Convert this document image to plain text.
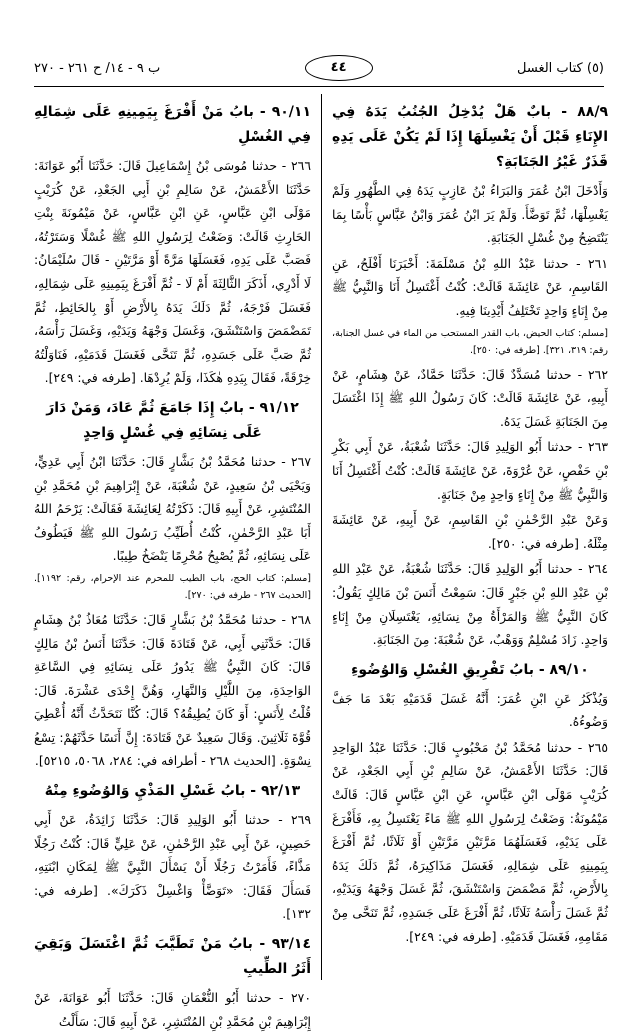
(٥) كتاب الغسل
٤٤
ب ٩ - ١٤/ ح ٢٦١ - ٢٧٠

٨٨/٩ - بابٌ هَلْ يُدْخِلُ الجُنُبُ يَدَهُ فِي الإِنَاءِ قَبْلَ أَنْ يَغْسِلَهَا إِذَا لَمْ يَكُنْ عَلَى يَدِهِ قَذَرٌ غَيْرُ الجَنَابَةِ؟

وَأَدْخَلَ ابْنُ عُمَرَ وَالبَرَاءُ بْنُ عَازِبٍ يَدَهُ فِي الطَّهُورِ وَلَمْ يَغْسِلْهَا، ثُمَّ تَوَضَّأَ. وَلَمْ يَرَ ابْنُ عُمَرَ وَابْنُ عَبَّاسٍ بَأْسًا بِمَا يَنْتَضِحُ مِنْ غُسْلِ الجَنَابَةِ.

٢٦١ - حدثنا عَبْدُ اللهِ بْنُ مَسْلَمَةَ: أَخْبَرَنَا أَفْلَحُ، عَنِ القَاسِمِ، عَنْ عَائِشَةَ قَالَتْ: كُنْتُ أَغْتَسِلُ أَنَا وَالنَّبِيُّ ﷺ مِنْ إِنَاءٍ وَاحِدٍ تَخْتَلِفُ أَيْدِينَا فِيهِ.

[مسلم: كتاب الحيض، باب القدر المستحب من الماء في غسل الجنابة، رقم: ٣١٩، ٣٢١]. [طرفه في: ٢٥٠].

٢٦٢ - حدثنا مُسَدَّدٌ قَالَ: حَدَّثَنَا حَمَّادٌ، عَنْ هِشَامٍ، عَنْ أَبِيهِ، عَنْ عَائِشَةَ قَالَتْ: كَانَ رَسُولُ اللهِ ﷺ إِذَا اغْتَسَلَ مِنَ الجَنَابَةِ غَسَلَ يَدَهُ.

٢٦٣ - حدثنا أَبُو الوَلِيدِ قَالَ: حَدَّثَنَا شُعْبَةُ، عَنْ أَبِي بَكْرِ بْنِ حَفْصٍ، عَنْ عُرْوَةَ، عَنْ عَائِشَةَ قَالَتْ: كُنْتُ أَغْتَسِلُ أَنَا وَالنَّبِيُّ ﷺ مِنْ إِنَاءٍ وَاحِدٍ مِنْ جَنَابَةٍ.

وَعَنْ عَبْدِ الرَّحْمٰنِ بْنِ القَاسِمِ، عَنْ أَبِيهِ، عَنْ عَائِشَةَ مِثْلَهُ. [طرفه في: ٢٥٠].

٢٦٤ - حدثنا أَبُو الوَلِيدِ قَالَ: حَدَّثَنَا شُعْبَةُ، عَنْ عَبْدِ اللهِ بْنِ عَبْدِ اللهِ بْنِ جَبْرٍ قَالَ: سَمِعْتُ أَنَسَ بْنَ مَالِكٍ يَقُولُ: كَانَ النَّبِيُّ ﷺ وَالمَرْأَةُ مِنْ نِسَائِهِ، يَغْتَسِلَانِ مِنْ إِنَاءٍ وَاحِدٍ. زَادَ مُسْلِمٌ وَوَهْبٌ، عَنْ شُعْبَةَ: مِنَ الجَنَابَةِ.

٨٩/١٠ - بابُ تَفْرِيقِ الغُسْلِ وَالوُضُوءِ

وَيُذْكَرُ عَنِ ابْنِ عُمَرَ: أَنَّهُ غَسَلَ قَدَمَيْهِ بَعْدَ مَا جَفَّ وَضُوءُهُ.

٢٦٥ - حدثنا مُحَمَّدُ بْنُ مَحْبُوبٍ قَالَ: حَدَّثَنَا عَبْدُ الوَاحِدِ قَالَ: حَدَّثَنَا الأَعْمَشُ، عَنْ سَالِمِ بْنِ أَبِي الجَعْدِ، عَنْ كُرَيْبٍ مَوْلَى ابْنِ عَبَّاسٍ، عَنِ ابْنِ عَبَّاسٍ قَالَ: قَالَتْ مَيْمُونَةُ: وَضَعْتُ لِرَسُولِ اللهِ ﷺ مَاءً يَغْتَسِلُ بِهِ، فَأَفْرَغَ عَلَى يَدَيْهِ، فَغَسَلَهُمَا مَرَّتَيْنِ مَرَّتَيْنِ أَوْ ثَلَاثًا، ثُمَّ أَفْرَغَ بِيَمِينِهِ عَلَى شِمَالِهِ، فَغَسَلَ مَذَاكِيرَهُ، ثُمَّ دَلَكَ يَدَهُ بِالأَرْضِ، ثُمَّ مَضْمَضَ وَاسْتَنْشَقَ، ثُمَّ غَسَلَ وَجْهَهُ وَيَدَيْهِ، ثُمَّ غَسَلَ رَأْسَهُ ثَلَاثًا، ثُمَّ أَفْرَغَ عَلَى جَسَدِهِ، ثُمَّ تَنَحَّى مِنْ مَقَامِهِ، فَغَسَلَ قَدَمَيْهِ. [طرفه في: ٢٤٩].

٩٠/١١ - بابُ مَنْ أَفْرَغَ بِيَمِينِهِ عَلَى شِمَالِهِ فِي الغُسْلِ

٢٦٦ - حدثنا مُوسَى بْنُ إِسْمَاعِيلَ قَالَ: حَدَّثَنَا أَبُو عَوَانَةَ: حَدَّثَنَا الأَعْمَشُ، عَنْ سَالِمِ بْنِ أَبِي الجَعْدِ، عَنْ كُرَيْبٍ مَوْلَى ابْنِ عَبَّاسٍ، عَنِ ابْنِ عَبَّاسٍ، عَنْ مَيْمُونَةَ بِنْتِ الحَارِثِ قَالَتْ: وَضَعْتُ لِرَسُولِ اللهِ ﷺ غُسْلًا وَسَتَرْتُهُ، فَصَبَّ عَلَى يَدِهِ، فَغَسَلَهَا مَرَّةً أَوْ مَرَّتَيْنِ - قَالَ سُلَيْمَانُ: لَا أَدْرِي، أَذَكَرَ الثَّالِثَةَ أَمْ لَا - ثُمَّ أَفْرَغَ بِيَمِينِهِ عَلَى شِمَالِهِ، فَغَسَلَ فَرْجَهُ، ثُمَّ دَلَكَ يَدَهُ بِالأَرْضِ أَوْ بِالحَائِطِ، ثُمَّ تَمَضْمَضَ وَاسْتَنْشَقَ، وَغَسَلَ وَجْهَهُ وَيَدَيْهِ، وَغَسَلَ رَأْسَهُ، ثُمَّ صَبَّ عَلَى جَسَدِهِ، ثُمَّ تَنَحَّى فَغَسَلَ قَدَمَيْهِ، فَنَاوَلْتُهُ خِرْقَةً، فَقَالَ بِيَدِهِ هٰكَذَا، وَلَمْ يُرِدْهَا. [طرفه في: ٢٤٩].

٩١/١٢ - بابٌ إِذَا جَامَعَ ثُمَّ عَادَ، وَمَنْ دَارَ عَلَى نِسَائِهِ فِي غُسْلٍ وَاحِدٍ

٢٦٧ - حدثنا مُحَمَّدُ بْنُ بَشَّارٍ قَالَ: حَدَّثَنَا ابْنُ أَبِي عَدِيٍّ، وَيَحْيَى بْنُ سَعِيدٍ، عَنْ شُعْبَةَ، عَنْ إِبْرَاهِيمَ بْنِ مُحَمَّدِ بْنِ المُنْتَشِرِ، عَنْ أَبِيهِ قَالَ: ذَكَرْتُهُ لِعَائِشَةَ فَقَالَتْ: يَرْحَمُ اللهُ أَبَا عَبْدِ الرَّحْمٰنِ، كُنْتُ أُطَيِّبُ رَسُولَ اللهِ ﷺ فَيَطُوفُ عَلَى نِسَائِهِ، ثُمَّ يُصْبِحُ مُحْرِمًا يَنْضَخُ طِيبًا.

[مسلم: كتاب الحج، باب الطيب للمحرم عند الإحرام، رقم: ١١٩٢]. [الحديث ٢٦٧ - طرفه في: ٢٧٠].

٢٦٨ - حدثنا مُحَمَّدُ بْنُ بَشَّارٍ قَالَ: حَدَّثَنَا مُعَاذُ بْنُ هِشَامٍ قَالَ: حَدَّثَنِي أَبِي، عَنْ قَتَادَةَ قَالَ: حَدَّثَنَا أَنَسُ بْنُ مَالِكٍ قَالَ: كَانَ النَّبِيُّ ﷺ يَدُورُ عَلَى نِسَائِهِ فِي السَّاعَةِ الوَاحِدَةِ، مِنَ اللَّيْلِ وَالنَّهَارِ، وَهُنَّ إِحْدَى عَشْرَةَ. قَالَ: قُلْتُ لِأَنَسٍ: أَوَ كَانَ يُطِيقُهُ؟ قَالَ: كُنَّا نَتَحَدَّثُ أَنَّهُ أُعْطِيَ قُوَّةَ ثَلَاثِينَ. وَقَالَ سَعِيدٌ عَنْ قَتَادَةَ: إِنَّ أَنَسًا حَدَّثَهُمْ: تِسْعُ نِسْوَةٍ. [الحديث ٢٦٨ - أطرافه في: ٢٨٤، ٥٠٦٨، ٥٢١٥].

٩٢/١٣ - بابُ غَسْلِ المَذْيِ وَالوُضُوءِ مِنْهُ

٢٦٩ - حدثنا أَبُو الوَلِيدِ قَالَ: حَدَّثَنَا زَائِدَةُ، عَنْ أَبِي حَصِينٍ، عَنْ أَبِي عَبْدِ الرَّحْمٰنِ، عَنْ عَلِيٍّ قَالَ: كُنْتُ رَجُلًا مَذَّاءً، فَأَمَرْتُ رَجُلًا أَنْ يَسْأَلَ النَّبِيَّ ﷺ لِمَكَانِ ابْنَتِهِ، فَسَأَلَ فَقَالَ: «تَوَضَّأْ وَاغْسِلْ ذَكَرَكَ». [طرفه في: ١٣٢].

٩٣/١٤ - بابُ مَنْ تَطَيَّبَ ثُمَّ اغْتَسَلَ وَبَقِيَ أَثَرُ الطِّيبِ

٢٧٠ - حدثنا أَبُو النُّعْمَانِ قَالَ: حَدَّثَنَا أَبُو عَوَانَةَ، عَنْ إِبْرَاهِيمَ بْنِ مُحَمَّدِ بْنِ المُنْتَشِرِ، عَنْ أَبِيهِ قَالَ: سَأَلْتُ
